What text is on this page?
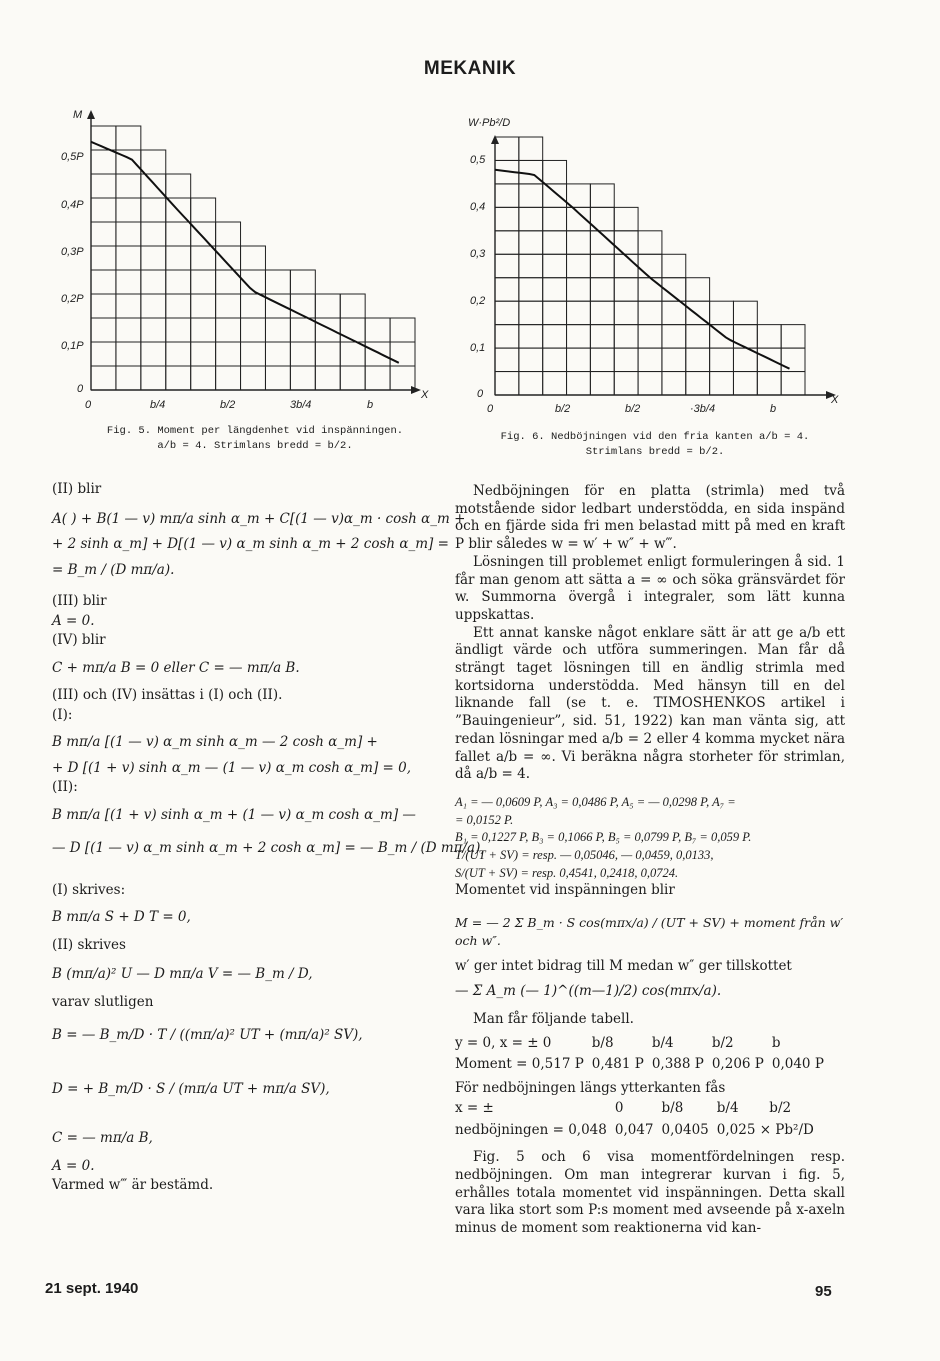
MEKANIK
M
X
0,5P
0,4P
0,3P
0,2P
0,1P
0
0	b/4	b/2	3b/4	b
Fig. 5. Moment per längdenhet vid inspänningen.
a/b = 4. Strimlans bredd = b/2.
W·Pb²/D
X
0,5
0,4
0,3
0,2
0,1
0
0	b/2	b/2	·3b/4	b
Fig. 6. Nedböjningen vid den fria kanten a/b = 4.
Strimlans bredd = b/2.
(II) blir
A( ) + B(1 — v) mπ/a sinh α_m + C[(1 — v)α_m · cosh α_m +
+ 2 sinh α_m] + D[(1 — v) α_m sinh α_m + 2 cosh α_m] =
= B_m / (D mπ/a).
(III) blir
A = 0.
(IV) blir
C + mπ/a B = 0 eller C = — mπ/a B.
(III) och (IV) insättas i (I) och (II).
(I):
B mπ/a [(1 — v) α_m sinh α_m — 2 cosh α_m] +
+ D [(1 + v) sinh α_m — (1 — v) α_m cosh α_m] = 0,
(II):
B mπ/a [(1 + v) sinh α_m + (1 — v) α_m cosh α_m] —
— D [(1 — v) α_m sinh α_m + 2 cosh α_m] = — B_m / (D mπ/a),
(I) skrives:
B mπ/a S + D T = 0,
(II) skrives
B (mπ/a)² U — D mπ/a V = — B_m / D,
varav slutligen
B = — B_m/D · T / ((mπ/a)² UT + (mπ/a)² SV),
D = + B_m/D · S / (mπ/a UT + mπ/a SV),
C = — mπ/a B,
A = 0.
Varmed w‴ är bestämd.
Nedböjningen för en platta (strimla) med två motstående sidor ledbart understödda, en sida inspänd och en fjärde sida fri men belastad mitt på med en kraft P blir således w = w′ + w″ + w‴.
Lösningen till problemet enligt formuleringen å sid. 1 får man genom att sätta a = ∞ och söka gränsvärdet för w. Summorna övergå i integraler, som lätt kunna uppskattas.
Ett annat kanske något enklare sätt är att ge a/b ett ändligt värde och utföra summeringen. Man får då strängt taget lösningen till en ändlig strimla med kortsidorna understödda. Med hänsyn till en del liknande fall (se t. e. TIMOSHENKOS artikel i ”Bauingenieur”, sid. 51, 1922) kan man vänta sig, att redan lösningar med a/b = 2 eller 4 komma mycket nära fallet a/b = ∞. Vi beräkna några storheter för strimlan, då a/b = 4.
A₁ = — 0,0609 P, A₃ = 0,0486 P, A₅ = — 0,0298 P, A₇ =
= 0,0152 P.
B₁ = 0,1227 P, B₃ = 0,1066 P, B₅ = 0,0799 P, B₇ = 0,059 P.
T/(UT + SV) = resp. — 0,05046, — 0,0459, 0,0133,
S/(UT + SV) = resp. 0,4541, 0,2418, 0,0724.
Momentet vid inspänningen blir
M = — 2 Σ B_m · S cos(mπx/a) / (UT + SV) + moment från w′ och w″.
w′ ger intet bidrag till M medan w″ ger tillskottet
— Σ A_m (— 1)^((m—1)/2) cos(mπx/a).
Man får följande tabell.
y = 0, x = ± 0	b/8	b/4	b/2	b
Moment = 0,517 P	0,481 P	0,388 P	0,206 P	0,040 P
För nedböjningen längs ytterkanten fås
x = ±	0	b/8	b/4	b/2
nedböjningen = 0,048	0,047	0,0405	0,025 × Pb²/D	
Fig. 5 och 6 visa momentfördelningen resp. nedböjningen. Om man integrerar kurvan i fig. 5, erhålles totala momentet vid inspänningen. Detta skall vara lika stort som P:s moment med avseende på x-axeln minus de moment som reaktionerna vid kan-
21 sept. 1940	95
